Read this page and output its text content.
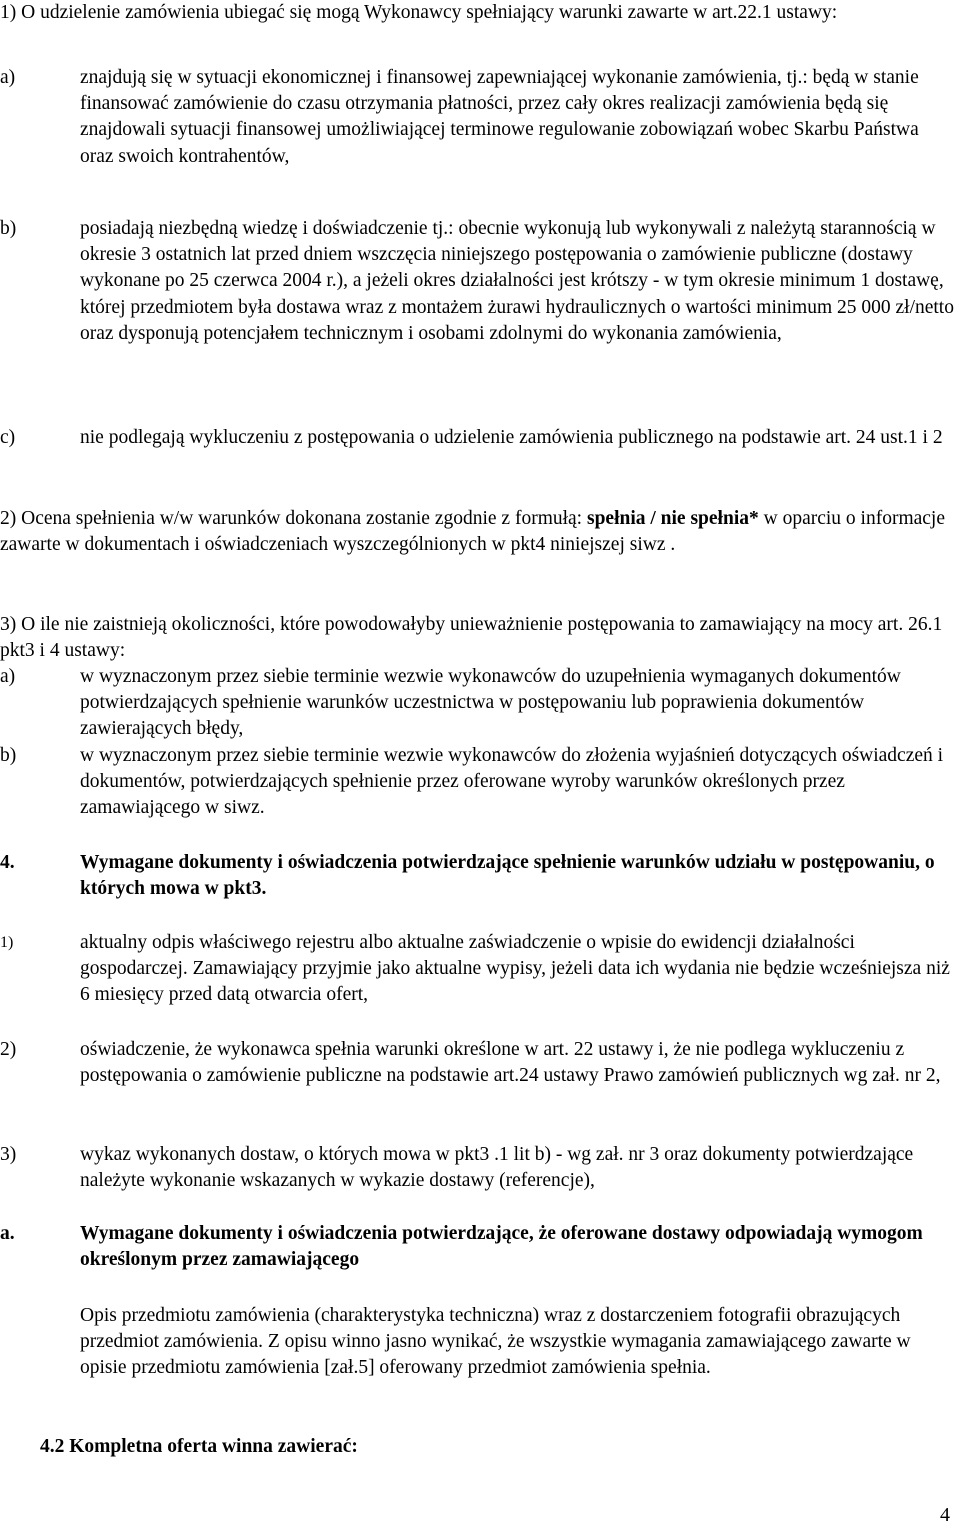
1) O udzielenie zamówienia ubiegać się mogą Wykonawcy spełniający warunki zawarte w art.22.1 ustawy:

a)	znajdują się w sytuacji ekonomicznej i finansowej zapewniającej wykonanie zamówienia, tj.: będą w stanie finansować zamówienie do czasu otrzymania płatności, przez cały okres realizacji zamówienia będą się znajdowali sytuacji finansowej umożliwiającej terminowe regulowanie zobowiązań wobec Skarbu Państwa oraz swoich kontrahentów,

b)	posiadają niezbędną wiedzę i doświadczenie tj.: obecnie wykonują lub wykonywali z należytą starannością w okresie 3 ostatnich lat przed dniem wszczęcia niniejszego postępowania o zamówienie publiczne (dostawy wykonane po 25 czerwca 2004 r.), a jeżeli okres działalności jest krótszy - w tym okresie minimum 1 dostawę, której przedmiotem była dostawa wraz z montażem żurawi hydraulicznych o wartości minimum 25 000 zł/netto oraz dysponują potencjałem technicznym i osobami zdolnymi do wykonania zamówienia,

c)	nie podlegają wykluczeniu z postępowania o udzielenie zamówienia publicznego na podstawie art. 24 ust.1 i 2

2) Ocena spełnienia w/w warunków dokonana zostanie zgodnie z formułą: spełnia / nie spełnia* w oparciu o informacje zawarte w dokumentach i oświadczeniach wyszczególnionych w pkt4 niniejszej siwz .

3) O ile nie zaistnieją okoliczności, które powodowałyby unieważnienie postępowania to zamawiający na mocy art. 26.1 pkt3 i 4 ustawy:

a)	w wyznaczonym przez siebie terminie wezwie wykonawców do uzupełnienia wymaganych dokumentów potwierdzających spełnienie warunków uczestnictwa w postępowaniu lub poprawienia dokumentów zawierających błędy,

b)	w wyznaczonym przez siebie terminie wezwie wykonawców do złożenia wyjaśnień dotyczących oświadczeń i dokumentów, potwierdzających spełnienie przez oferowane wyroby warunków określonych przez zamawiającego w siwz.

4.	Wymagane dokumenty i oświadczenia potwierdzające spełnienie warunków udziału w postępowaniu, o których mowa w pkt3.

1)	aktualny odpis właściwego rejestru albo aktualne zaświadczenie o wpisie do ewidencji działalności gospodarczej. Zamawiający przyjmie jako aktualne wypisy, jeżeli data ich wydania nie będzie wcześniejsza niż 6 miesięcy przed datą otwarcia ofert,

2)	oświadczenie, że wykonawca spełnia warunki określone w art. 22 ustawy i, że nie podlega wykluczeniu z postępowania o zamówienie publiczne na podstawie art.24 ustawy Prawo zamówień publicznych wg zał. nr 2,

3)	wykaz wykonanych dostaw, o których mowa w pkt3 .1 lit b) - wg zał. nr 3 oraz dokumenty potwierdzające należyte wykonanie wskazanych w wykazie dostawy (referencje),

a.	Wymagane dokumenty i oświadczenia potwierdzające, że oferowane dostawy odpowiadają wymogom określonym przez zamawiającego

Opis przedmiotu zamówienia (charakterystyka techniczna) wraz z dostarczeniem fotografii obrazujących przedmiot zamówienia. Z opisu winno jasno wynikać, że wszystkie wymagania zamawiającego zawarte w opisie przedmiotu zamówienia [zał.5] oferowany przedmiot zamówienia spełnia.

4.2 Kompletna oferta winna zawierać:

4
